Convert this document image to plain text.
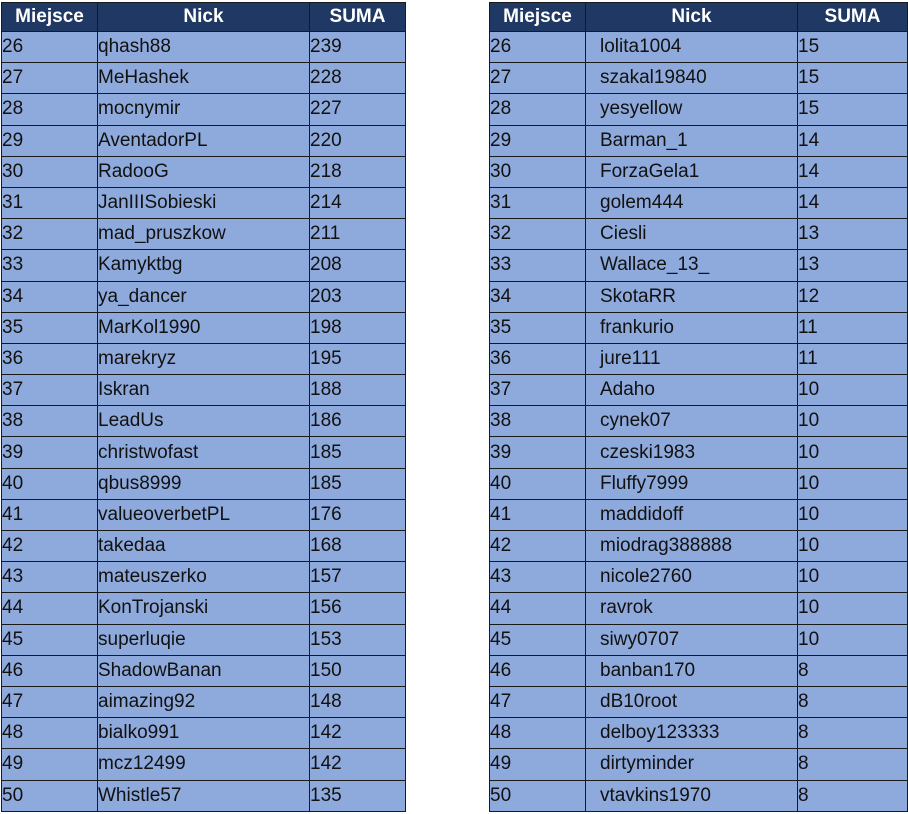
Miejsce	Nick	SUMA
26	qhash88	239
27	MeHashek	228
28	mocnymir	227
29	AventadorPL	220
30	RadooG	218
31	JanIIISobieski	214
32	mad_pruszkow	211
33	Kamyktbg	208
34	ya_dancer	203
35	MarKol1990	198
36	marekryz	195
37	Iskran	188
38	LeadUs	186
39	christwofast	185
40	qbus8999	185
41	valueoverbetPL	176
42	takedaa	168
43	mateuszerko	157
44	KonTrojanski	156
45	superluqie	153
46	ShadowBanan	150
47	aimazing92	148
48	bialko991	142
49	mcz12499	142
50	Whistle57	135
Miejsce	Nick	SUMA
26	lolita1004	15
27	szakal19840	15
28	yesyellow	15
29	Barman_1	14
30	ForzaGela1	14
31	golem444	14
32	Ciesli	13
33	Wallace_13_	13
34	SkotaRR	12
35	frankurio	11
36	jure111	11
37	Adaho	10
38	cynek07	10
39	czeski1983	10
40	Fluffy7999	10
41	maddidoff	10
42	miodrag388888	10
43	nicole2760	10
44	ravrok	10
45	siwy0707	10
46	banban170	8
47	dB10root	8
48	delboy123333	8
49	dirtyminder	8
50	vtavkins1970	8
